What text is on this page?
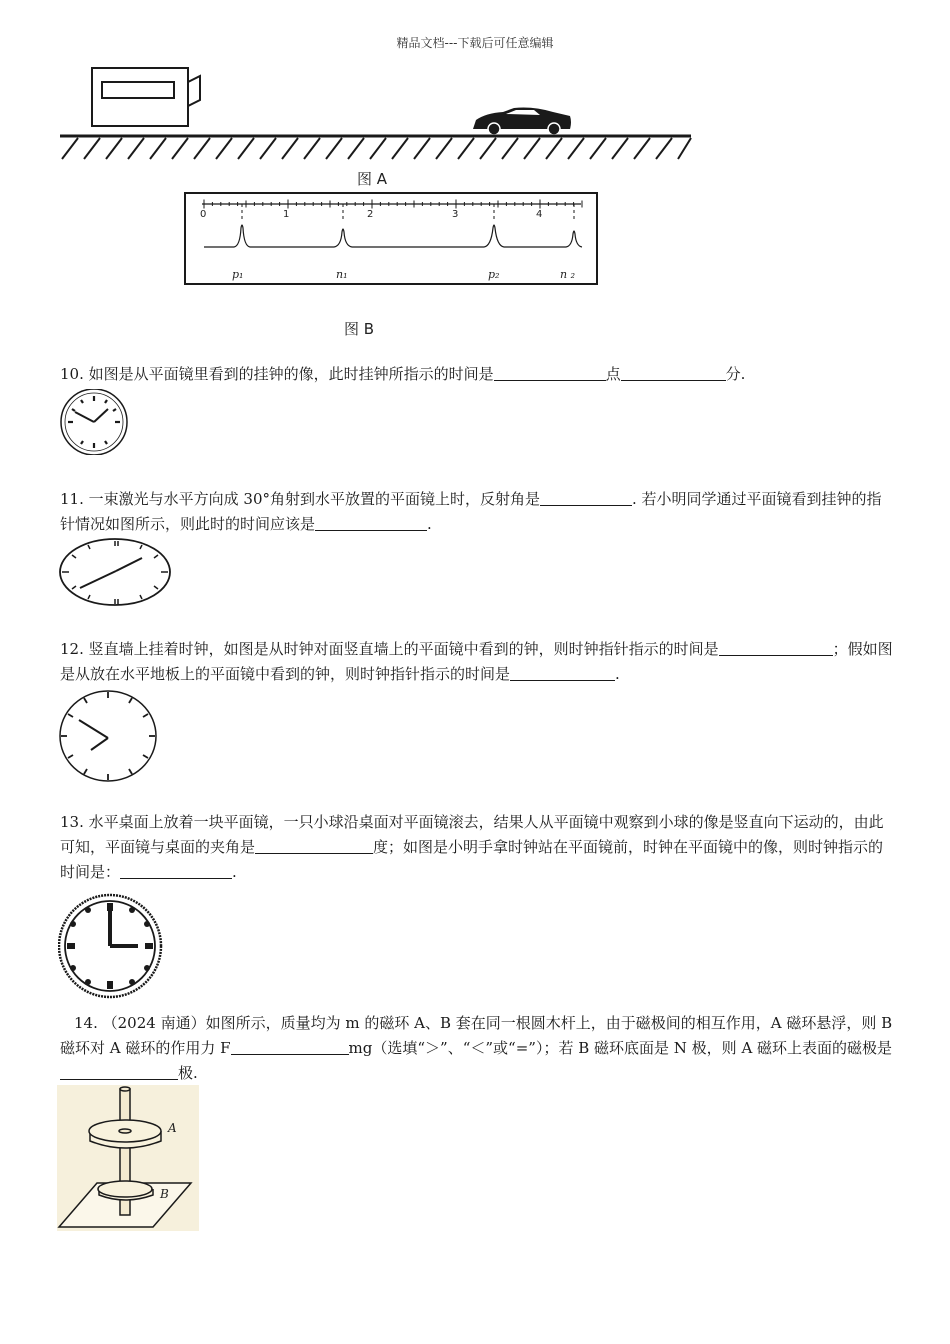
精品文档---下载后可任意编辑
图 A
0	1	2	3	4
p₁	n₁	p₂	n ₂
图 B
10. 如图是从平面镜里看到的挂钟的像，此时挂钟所指示的时间是	点	分.
11. 一束激光与水平方向成 30°角射到水平放置的平面镜上时，反射角是	. 若小明同学通过平面镜看到挂钟的指针情况如图所示，则此时的时间应该是	.
12. 竖直墙上挂着时钟，如图是从时钟对面竖直墙上的平面镜中看到的钟，则时钟指针指示的时间是	；假如图是从放在水平地板上的平面镜中看到的钟，则时钟指针指示的时间是	.
13. 水平桌面上放着一块平面镜，一只小球沿桌面对平面镜滚去，结果人从平面镜中观察到小球的像是竖直向下运动的，由此可知，平面镜与桌面的夹角是	度；如图是小明手拿时钟站在平面镜前，时钟在平面镜中的像，则时钟指示的时间是：	.
14. （2024 南通）如图所示，质量均为 m 的磁环 A、B 套在同一根圆木杆上，由于磁极间的相互作用，A 磁环悬浮，则 B 磁环对 A 磁环的作用力 F	mg（选填“＞”、“＜”或“=”）；若 B 磁环底面是 N 极，则 A 磁环上表面的磁极是极.
A
B
